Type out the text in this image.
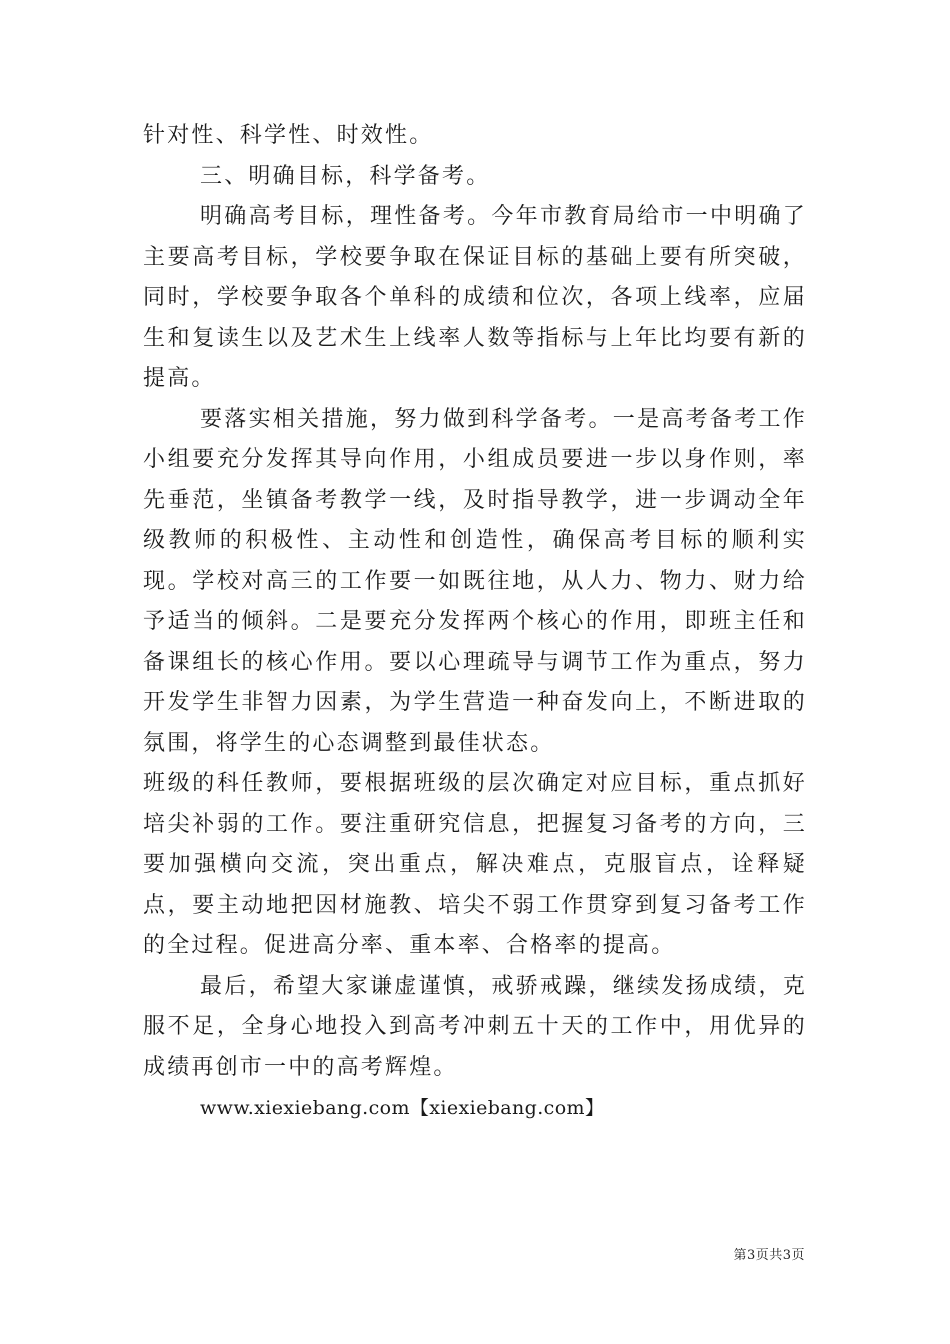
针对性、科学性、时效性。

三、明确目标，科学备考。

明确高考目标，理性备考。今年市教育局给市一中明确了主要高考目标，学校要争取在保证目标的基础上要有所突破，同时，学校要争取各个单科的成绩和位次，各项上线率，应届生和复读生以及艺术生上线率人数等指标与上年比均要有新的提高。

要落实相关措施，努力做到科学备考。一是高考备考工作小组要充分发挥其导向作用，小组成员要进一步以身作则，率先垂范，坐镇备考教学一线，及时指导教学，进一步调动全年级教师的积极性、主动性和创造性，确保高考目标的顺利实现。学校对高三的工作要一如既往地，从人力、物力、财力给予适当的倾斜。二是要充分发挥两个核心的作用，即班主任和备课组长的核心作用。要以心理疏导与调节工作为重点，努力开发学生非智力因素，为学生营造一种奋发向上，不断进取的氛围，将学生的心态调整到最佳状态。

班级的科任教师，要根据班级的层次确定对应目标，重点抓好培尖补弱的工作。要注重研究信息，把握复习备考的方向，三要加强横向交流，突出重点，解决难点，克服盲点，诠释疑点，要主动地把因材施教、培尖不弱工作贯穿到复习备考工作的全过程。促进高分率、重本率、合格率的提高。

最后，希望大家谦虚谨慎，戒骄戒躁，继续发扬成绩，克服不足，全身心地投入到高考冲刺五十天的工作中，用优异的成绩再创市一中的高考辉煌。

www.xiexiebang.com【xiexiebang.com】

第3页共3页
